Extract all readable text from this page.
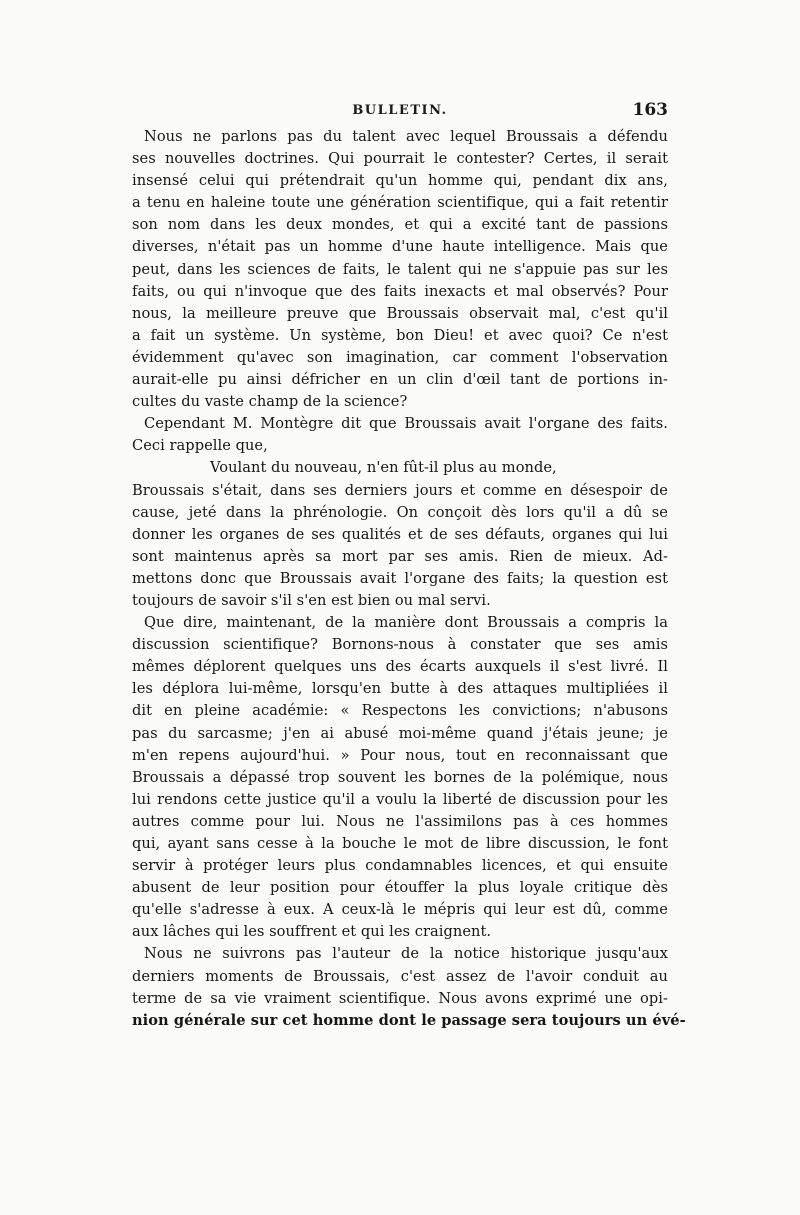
BULLETIN.	163
Nous ne parlons pas du talent avec lequel Broussais a défendu
ses nouvelles doctrines. Qui pourrait le contester? Certes, il serait
insensé celui qui prétendrait qu'un homme qui, pendant dix ans,
a tenu en haleine toute une génération scientifique, qui a fait retentir
son nom dans les deux mondes, et qui a excité tant de passions
diverses, n'était pas un homme d'une haute intelligence. Mais que
peut, dans les sciences de faits, le talent qui ne s'appuie pas sur les
faits, ou qui n'invoque que des faits inexacts et mal observés? Pour
nous, la meilleure preuve que Broussais observait mal, c'est qu'il
a fait un système. Un système, bon Dieu! et avec quoi? Ce n'est
évidemment qu'avec son imagination, car comment l'observation
aurait-elle pu ainsi défricher en un clin d'œil tant de portions in-
cultes du vaste champ de la science?
Cependant M. Montègre dit que Broussais avait l'organe des faits.
Ceci rappelle que,
Voulant du nouveau, n'en fût-il plus au monde,
Broussais s'était, dans ses derniers jours et comme en désespoir de
cause, jeté dans la phrénologie. On conçoit dès lors qu'il a dû se
donner les organes de ses qualités et de ses défauts, organes qui lui
sont maintenus après sa mort par ses amis. Rien de mieux. Ad-
mettons donc que Broussais avait l'organe des faits; la question est
toujours de savoir s'il s'en est bien ou mal servi.
Que dire, maintenant, de la manière dont Broussais a compris la
discussion scientifique? Bornons-nous à constater que ses amis
mêmes déplorent quelques uns des écarts auxquels il s'est livré. Il
les déplora lui-même, lorsqu'en butte à des attaques multipliées il
dit en pleine académie: « Respectons les convictions; n'abusons
pas du sarcasme; j'en ai abusé moi-même quand j'étais jeune; je
m'en repens aujourd'hui. » Pour nous, tout en reconnaissant que
Broussais a dépassé trop souvent les bornes de la polémique, nous
lui rendons cette justice qu'il a voulu la liberté de discussion pour les
autres comme pour lui. Nous ne l'assimilons pas à ces hommes
qui, ayant sans cesse à la bouche le mot de libre discussion, le font
servir à protéger leurs plus condamnables licences, et qui ensuite
abusent de leur position pour étouffer la plus loyale critique dès
qu'elle s'adresse à eux. A ceux-là le mépris qui leur est dû, comme
aux lâches qui les souffrent et qui les craignent.
Nous ne suivrons pas l'auteur de la notice historique jusqu'aux
derniers moments de Broussais, c'est assez de l'avoir conduit au
terme de sa vie vraiment scientifique. Nous avons exprimé une opi-
nion générale sur cet homme dont le passage sera toujours un évé-
